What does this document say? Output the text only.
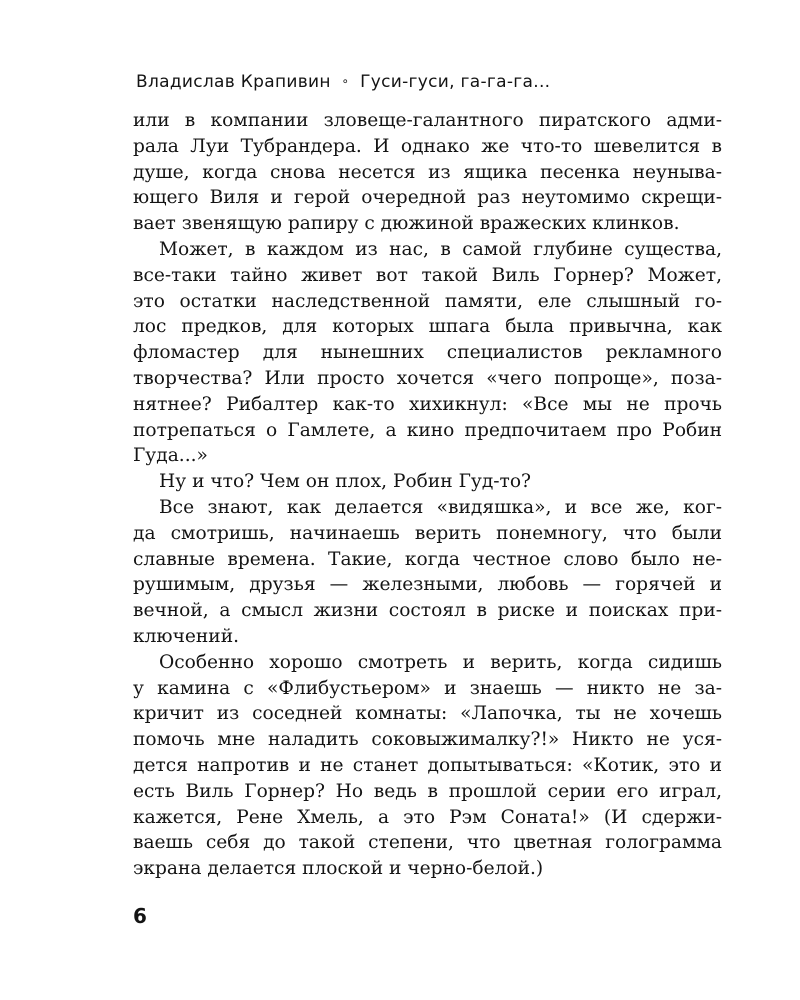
Владислав Крапивин ∘ Гуси-гуси, га-га-га...
или в компании зловеще-галантного пиратского адми-
рала Луи Тубрандера. И однако же что-то шевелится в
душе, когда снова несется из ящика песенка неуныва-
ющего Виля и герой очередной раз неутомимо скрещи-
вает звенящую рапиру с дюжиной вражеских клинков.
Может, в каждом из нас, в самой глубине существа,
все-таки тайно живет вот такой Виль Горнер? Может,
это остатки наследственной памяти, еле слышный го-
лос предков, для которых шпага была привычна, как
фломастер для нынешних специалистов рекламного
творчества? Или просто хочется «чего попроще», поза-
нятнее? Рибалтер как-то хихикнул: «Все мы не прочь
потрепаться о Гамлете, а кино предпочитаем про Робин
Гуда...»
Ну и что? Чем он плох, Робин Гуд-то?
Все знают, как делается «видяшка», и все же, ког-
да смотришь, начинаешь верить понемногу, что были
славные времена. Такие, когда честное слово было не-
рушимым, друзья — железными, любовь — горячей и
вечной, а смысл жизни состоял в риске и поисках при-
ключений.
Особенно хорошо смотреть и верить, когда сидишь
у камина с «Флибустьером» и знаешь — никто не за-
кричит из соседней комнаты: «Лапочка, ты не хочешь
помочь мне наладить соковыжималку?!» Никто не уся-
дется напротив и не станет допытываться: «Котик, это и
есть Виль Горнер? Но ведь в прошлой серии его играл,
кажется, Рене Хмель, а это Рэм Соната!» (И сдержи-
ваешь себя до такой степени, что цветная голограмма
экрана делается плоской и черно-белой.)
6
